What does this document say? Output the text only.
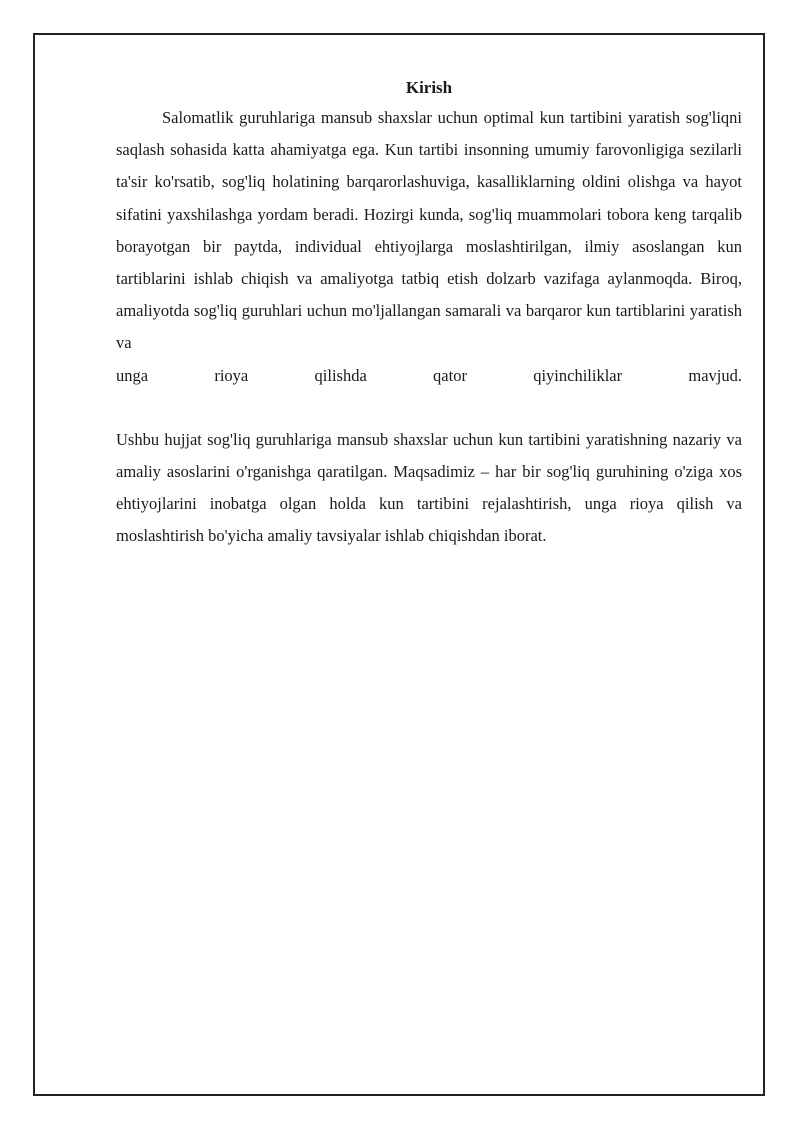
Kirish

Salomatlik guruhlariga mansub shaxslar uchun optimal kun tartibini yaratish sog'liqni saqlash sohasida katta ahamiyatga ega. Kun tartibi insonning umumiy farovonligiga sezilarli ta'sir ko'rsatib, sog'liq holatining barqarorlashuviga, kasalliklarning oldini olishga va hayot sifatini yaxshilashga yordam beradi. Hozirgi kunda, sog'liq muammolari tobora keng tarqalib borayotgan bir paytda, individual ehtiyojlarga moslashtirilgan, ilmiy asoslangan kun tartiblarini ishlab chiqish va amaliyotga tatbiq etish dolzarb vazifaga aylanmoqda. Biroq, amaliyotda sog'liq guruhlari uchun mo'ljallangan samarali va barqaror kun tartiblarini yaratish va

unga rioya qilishda qator qiyinchiliklar mavjud.

Ushbu hujjat sog'liq guruhlariga mansub shaxslar uchun kun tartibini yaratishning nazariy va amaliy asoslarini o'rganishga qaratilgan. Maqsadimiz – har bir sog'liq guruhining o'ziga xos ehtiyojlarini inobatga olgan holda kun tartibini rejalashtirish, unga rioya qilish va moslashtirish bo'yicha amaliy tavsiyalar ishlab chiqishdan iborat.
